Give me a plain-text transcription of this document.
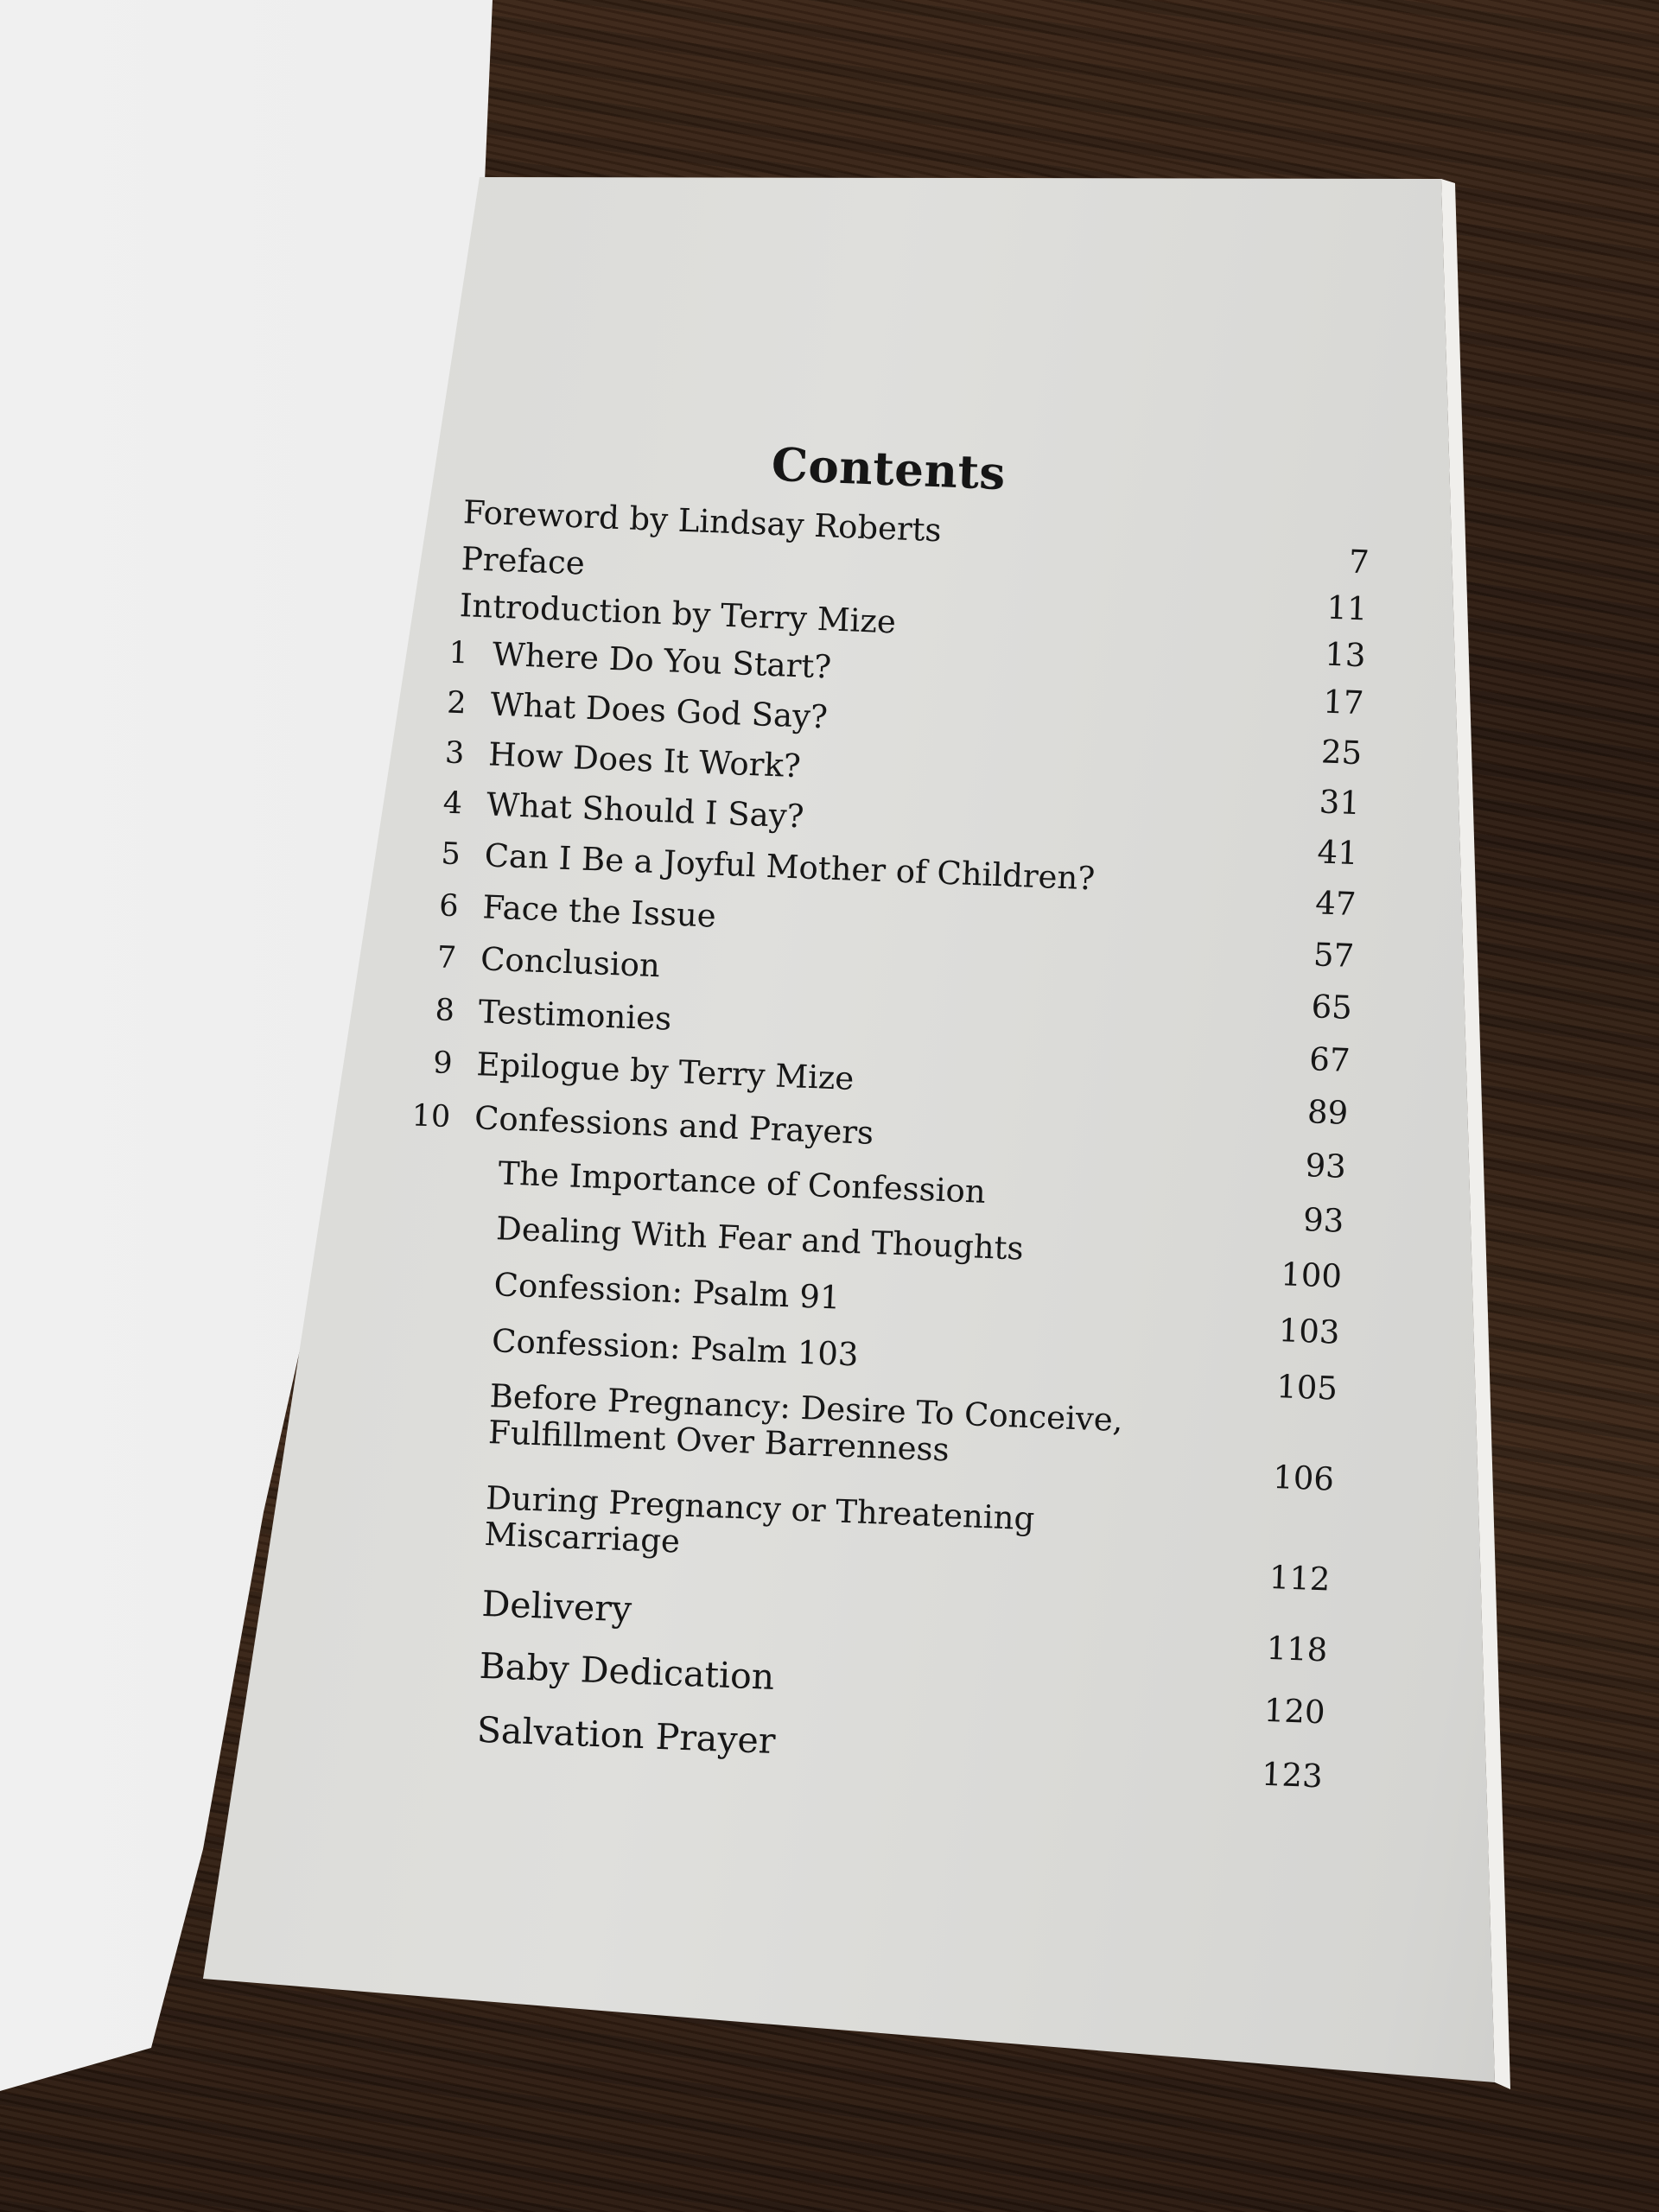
Contents
Foreword by Lindsay Roberts
7
Preface
11
Introduction by Terry Mize
13
1 Where Do You Start?
17
2 What Does God Say?
25
3 How Does It Work?
31
4 What Should I Say?
41
5 Can I Be a Joyful Mother of Children?
47
6 Face the Issue
57
7 Conclusion
65
8 Testimonies
67
9 Epilogue by Terry Mize
89
10 Confessions and Prayers
93
The Importance of Confession
93
Dealing With Fear and Thoughts
100
Confession: Psalm 91
103
Confession: Psalm 103
105
Before Pregnancy: Desire To Conceive, Fulfillment Over Barrenness
106
During Pregnancy or Threatening Miscarriage
112
Delivery
118
Baby Dedication
120
Salvation Prayer
123
